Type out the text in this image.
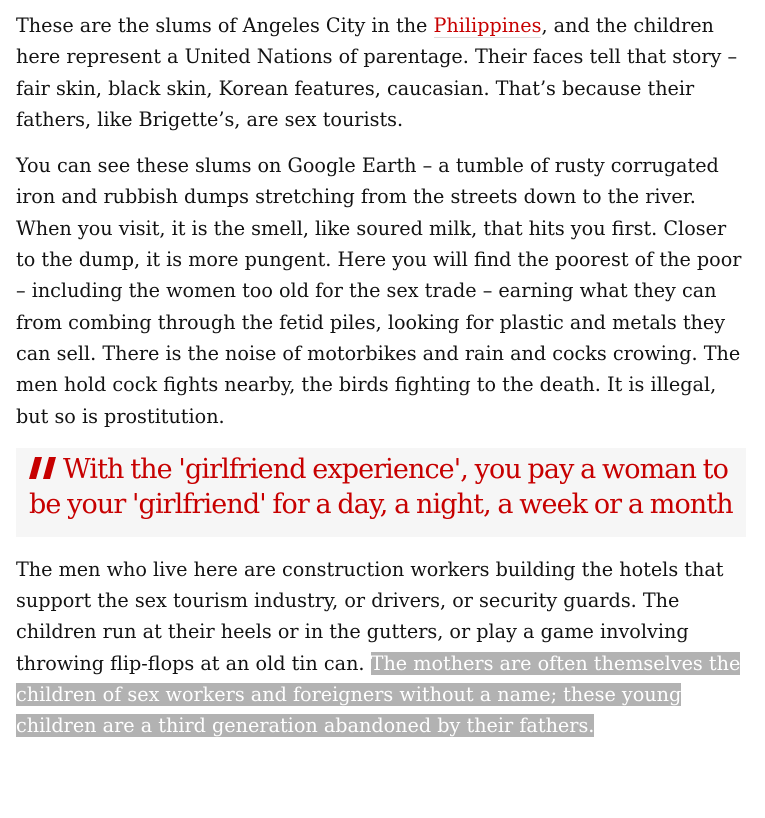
These are the slums of Angeles City in the Philippines, and the children here represent a United Nations of parentage. Their faces tell that story – fair skin, black skin, Korean features, caucasian. That’s because their fathers, like Brigette’s, are sex tourists.

You can see these slums on Google Earth – a tumble of rusty corrugated iron and rubbish dumps stretching from the streets down to the river. When you visit, it is the smell, like soured milk, that hits you first. Closer to the dump, it is more pungent. Here you will find the poorest of the poor – including the women too old for the sex trade – earning what they can from combing through the fetid piles, looking for plastic and metals they can sell. There is the noise of motorbikes and rain and cocks crowing. The men hold cock fights nearby, the birds fighting to the death. It is illegal, but so is prostitution.

With the 'girlfriend experience', you pay a woman to be your 'girlfriend' for a day, a night, a week or a month

The men who live here are construction workers building the hotels that support the sex tourism industry, or drivers, or security guards. The children run at their heels or in the gutters, or play a game involving throwing flip-flops at an old tin can. The mothers are often themselves the children of sex workers and foreigners without a name; these young children are a third generation abandoned by their fathers.
